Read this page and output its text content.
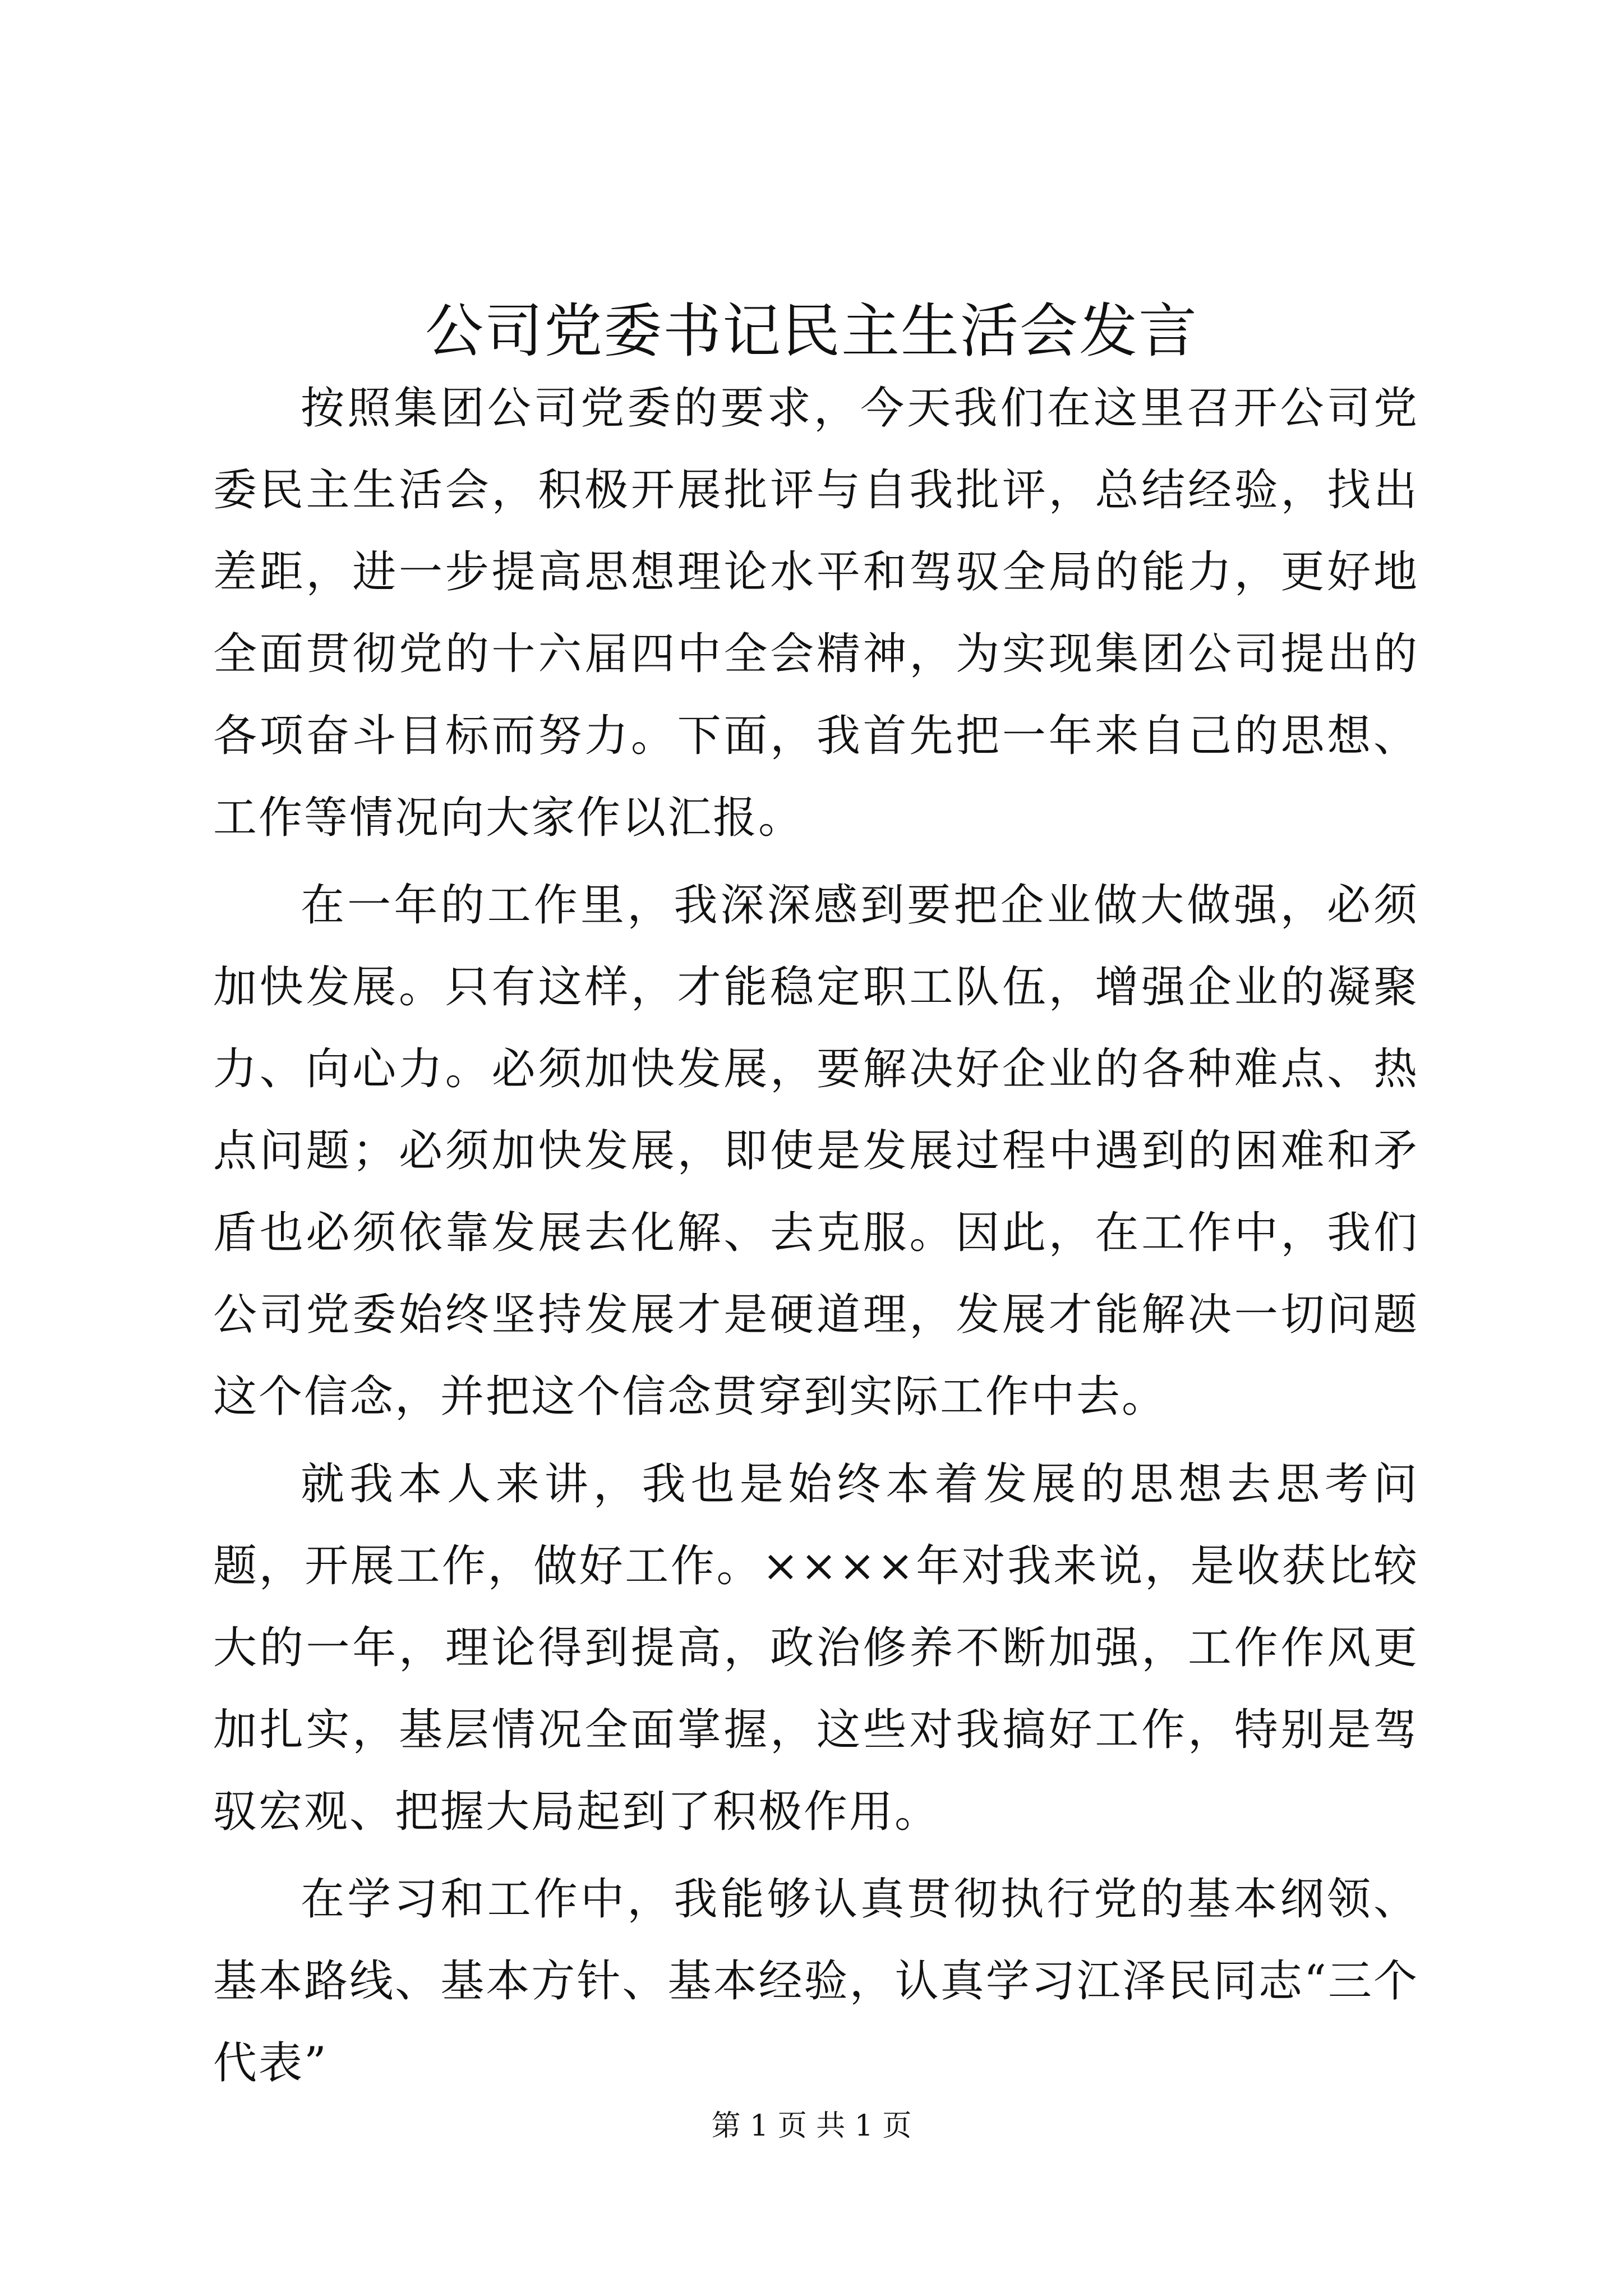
公司党委书记民主生活会发言

按照集团公司党委的要求，今天我们在这里召开公司党委民主生活会，积极开展批评与自我批评，总结经验，找出差距，进一步提高思想理论水平和驾驭全局的能力，更好地全面贯彻党的十六届四中全会精神，为实现集团公司提出的各项奋斗目标而努力。下面，我首先把一年来自己的思想、工作等情况向大家作以汇报。

在一年的工作里，我深深感到要把企业做大做强，必须加快发展。只有这样，才能稳定职工队伍，增强企业的凝聚力、向心力。必须加快发展，要解决好企业的各种难点、热点问题；必须加快发展，即使是发展过程中遇到的困难和矛盾也必须依靠发展去化解、去克服。因此，在工作中，我们公司党委始终坚持发展才是硬道理，发展才能解决一切问题这个信念，并把这个信念贯穿到实际工作中去。

就我本人来讲，我也是始终本着发展的思想去思考问题，开展工作，做好工作。××××年对我来说，是收获比较大的一年，理论得到提高，政治修养不断加强，工作作风更加扎实，基层情况全面掌握，这些对我搞好工作，特别是驾驭宏观、把握大局起到了积极作用。

在学习和工作中，我能够认真贯彻执行党的基本纲领、基本路线、基本方针、基本经验，认真学习江泽民同志“三个代表”

第 1 页 共 1 页
